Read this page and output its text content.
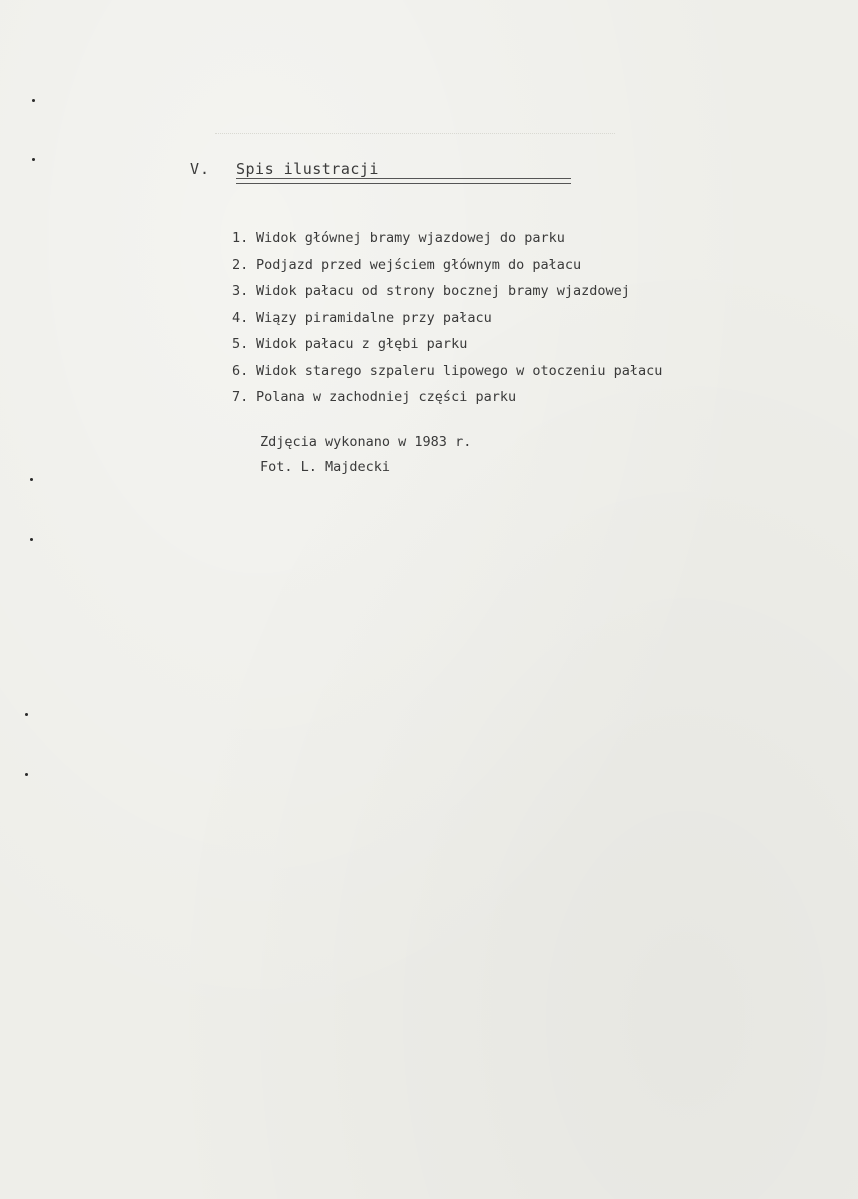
V. Spis ilustracji
1. Widok głównej bramy wjazdowej do parku
2. Podjazd przed wejściem głównym do pałacu
3. Widok pałacu od strony bocznej bramy wjazdowej
4. Wiązy piramidalne przy pałacu
5. Widok pałacu z głębi parku
6. Widok starego szpaleru lipowego w otoczeniu pałacu
7. Polana w zachodniej części parku
Zdjęcia wykonano w 1983 r.
Fot. L. Majdecki
